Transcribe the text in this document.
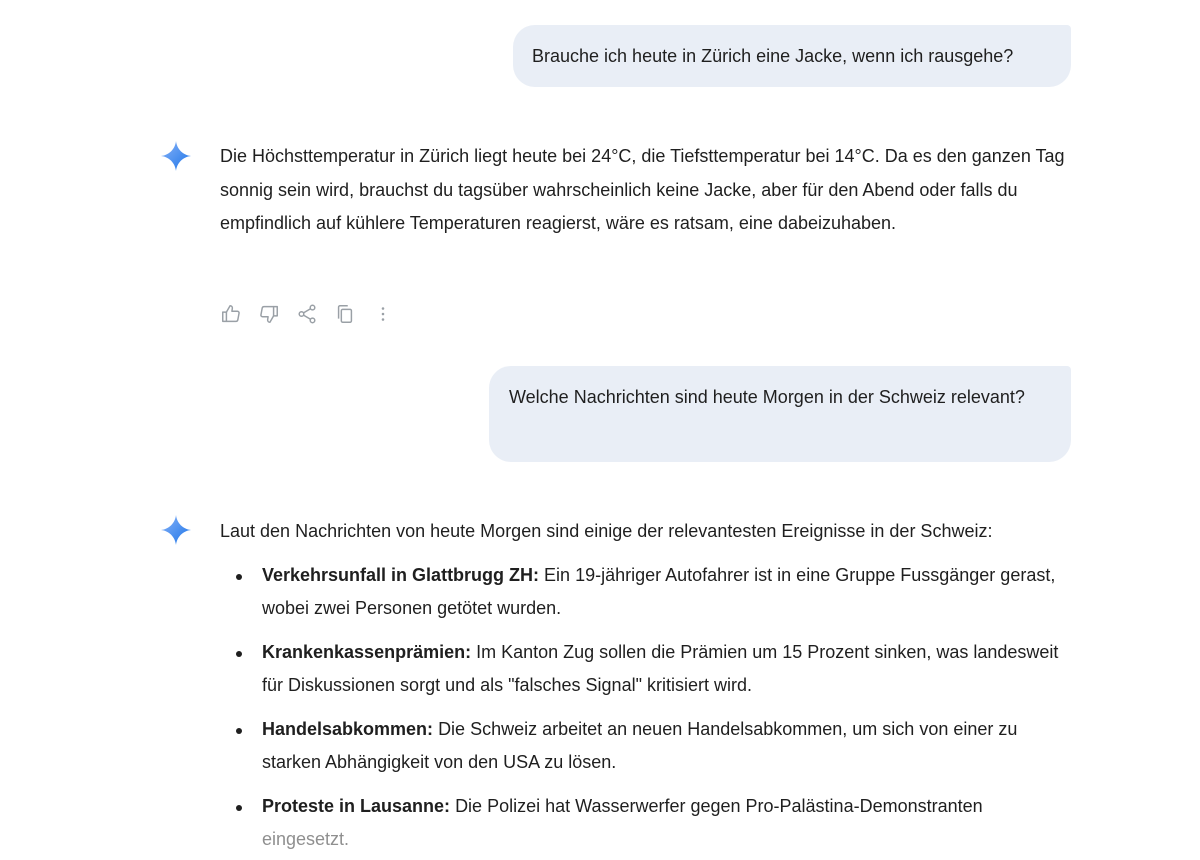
Brauche ich heute in Zürich eine Jacke, wenn ich rausgehe?

Die Höchsttemperatur in Zürich liegt heute bei 24°C, die Tiefsttemperatur bei 14°C. Da es den ganzen Tag sonnig sein wird, brauchst du tagsüber wahrscheinlich keine Jacke, aber für den Abend oder falls du empfindlich auf kühlere Temperaturen reagierst, wäre es ratsam, eine dabeizuhaben.

Welche Nachrichten sind heute Morgen in der Schweiz relevant?

Laut den Nachrichten von heute Morgen sind einige der relevantesten Ereignisse in der Schweiz:

Verkehrsunfall in Glattbrugg ZH: Ein 19-jähriger Autofahrer ist in eine Gruppe Fussgänger gerast, wobei zwei Personen getötet wurden.
Krankenkassenprämien: Im Kanton Zug sollen die Prämien um 15 Prozent sinken, was landesweit für Diskussionen sorgt und als "falsches Signal" kritisiert wird.
Handelsabkommen: Die Schweiz arbeitet an neuen Handelsabkommen, um sich von einer zu starken Abhängigkeit von den USA zu lösen.
Proteste in Lausanne: Die Polizei hat Wasserwerfer gegen Pro-Palästina-Demonstranten eingesetzt.
